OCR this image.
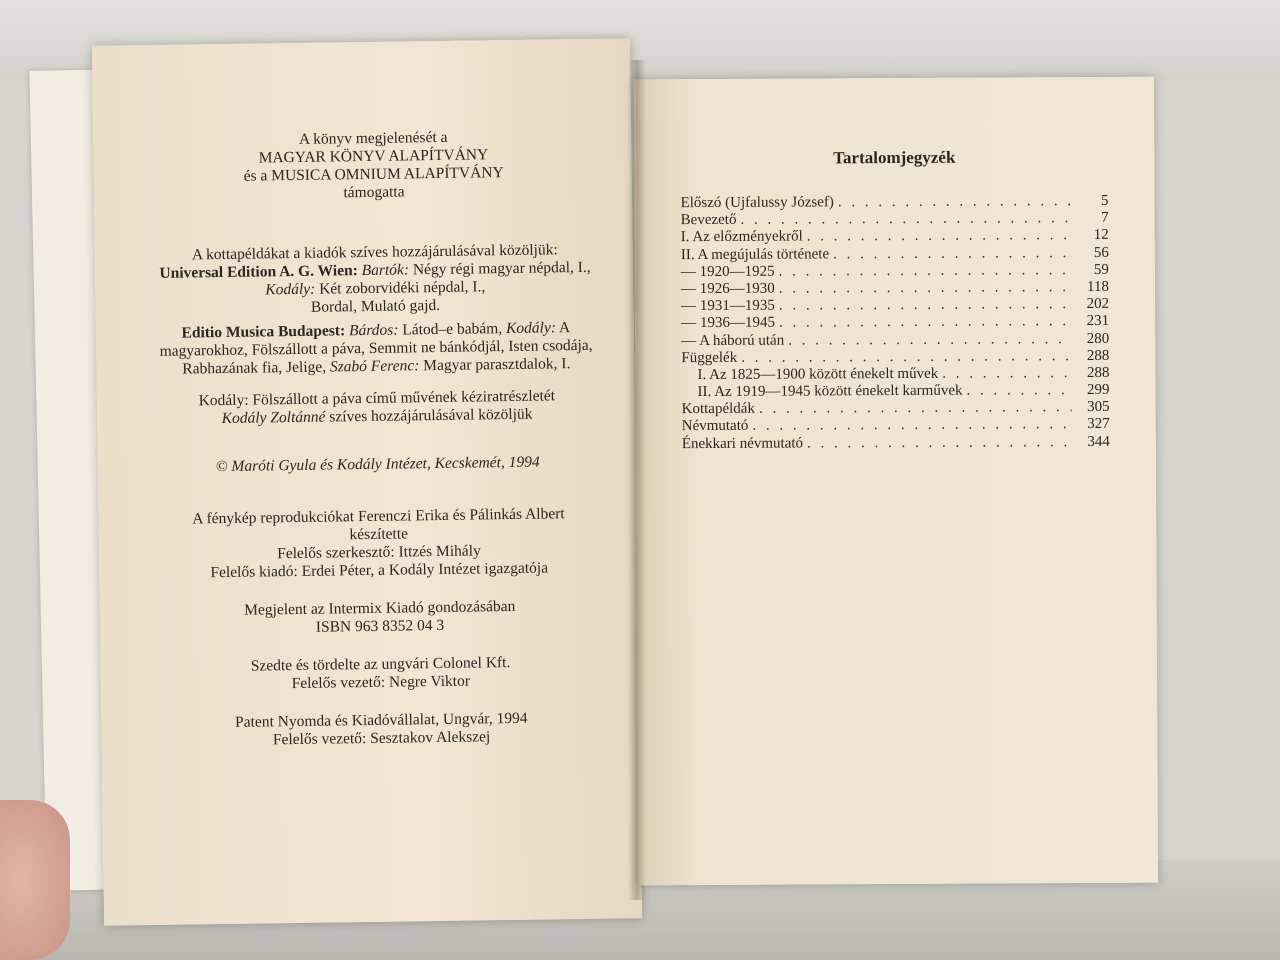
A könyv megjelenését a

MAGYAR KÖNYV ALAPÍTVÁNY

és a MUSICA OMNIUM ALAPÍTVÁNY

támogatta

A kottapéldákat a kiadók szíves hozzájárulásával közöljük:

Universal Edition A. G. Wien: Bartók: Négy régi magyar népdal, I., Kodály: Két zoborvidéki népdal, I.,

Bordal, Mulató gajd.

Editio Musica Budapest: Bárdos: Látod–e babám, Kodály: A magyarokhoz, Fölszállott a páva, Semmit ne bánkódjál, Isten csodája, Rabhazának fia, Jelige, Szabó Ferenc: Magyar parasztdalok, I.

Kodály: Fölszállott a páva című művének kéziratrészletét

Kodály Zoltánné szíves hozzájárulásával közöljük

© Maróti Gyula és Kodály Intézet, Kecskemét, 1994

A fénykép reprodukciókat Ferenczi Erika és Pálinkás Albert

készítette

Felelős szerkesztő: Ittzés Mihály

Felelős kiadó: Erdei Péter, a Kodály Intézet igazgatója

Megjelent az Intermix Kiadó gondozásában

ISBN 963 8352 04 3

Szedte és tördelte az ungvári Colonel Kft.

Felelős vezető: Negre Viktor

Patent Nyomda és Kiadóvállalat, Ungvár, 1994

Felelős vezető: Sesztakov Alekszej

Tartalomjegyzék
Előszó (Ujfalussy József) . . .	5
Bevezető . . .	7
I. Az előzményekről . . .	12
II. A megújulás története . . .	56
— 1920—1925 . . .	59
— 1926—1930 . . .	118
— 1931—1935 . . .	202
— 1936—1945 . . .	231
— A háború után . . .	280
Függelék . . .	288
I. Az 1825—1900 között énekelt művek . . .	288
II. Az 1919—1945 között énekelt karművek . . .	299
Kottapéldák . . .	305
Névmutató . . .	327
Énekkari névmutató . . .	344
